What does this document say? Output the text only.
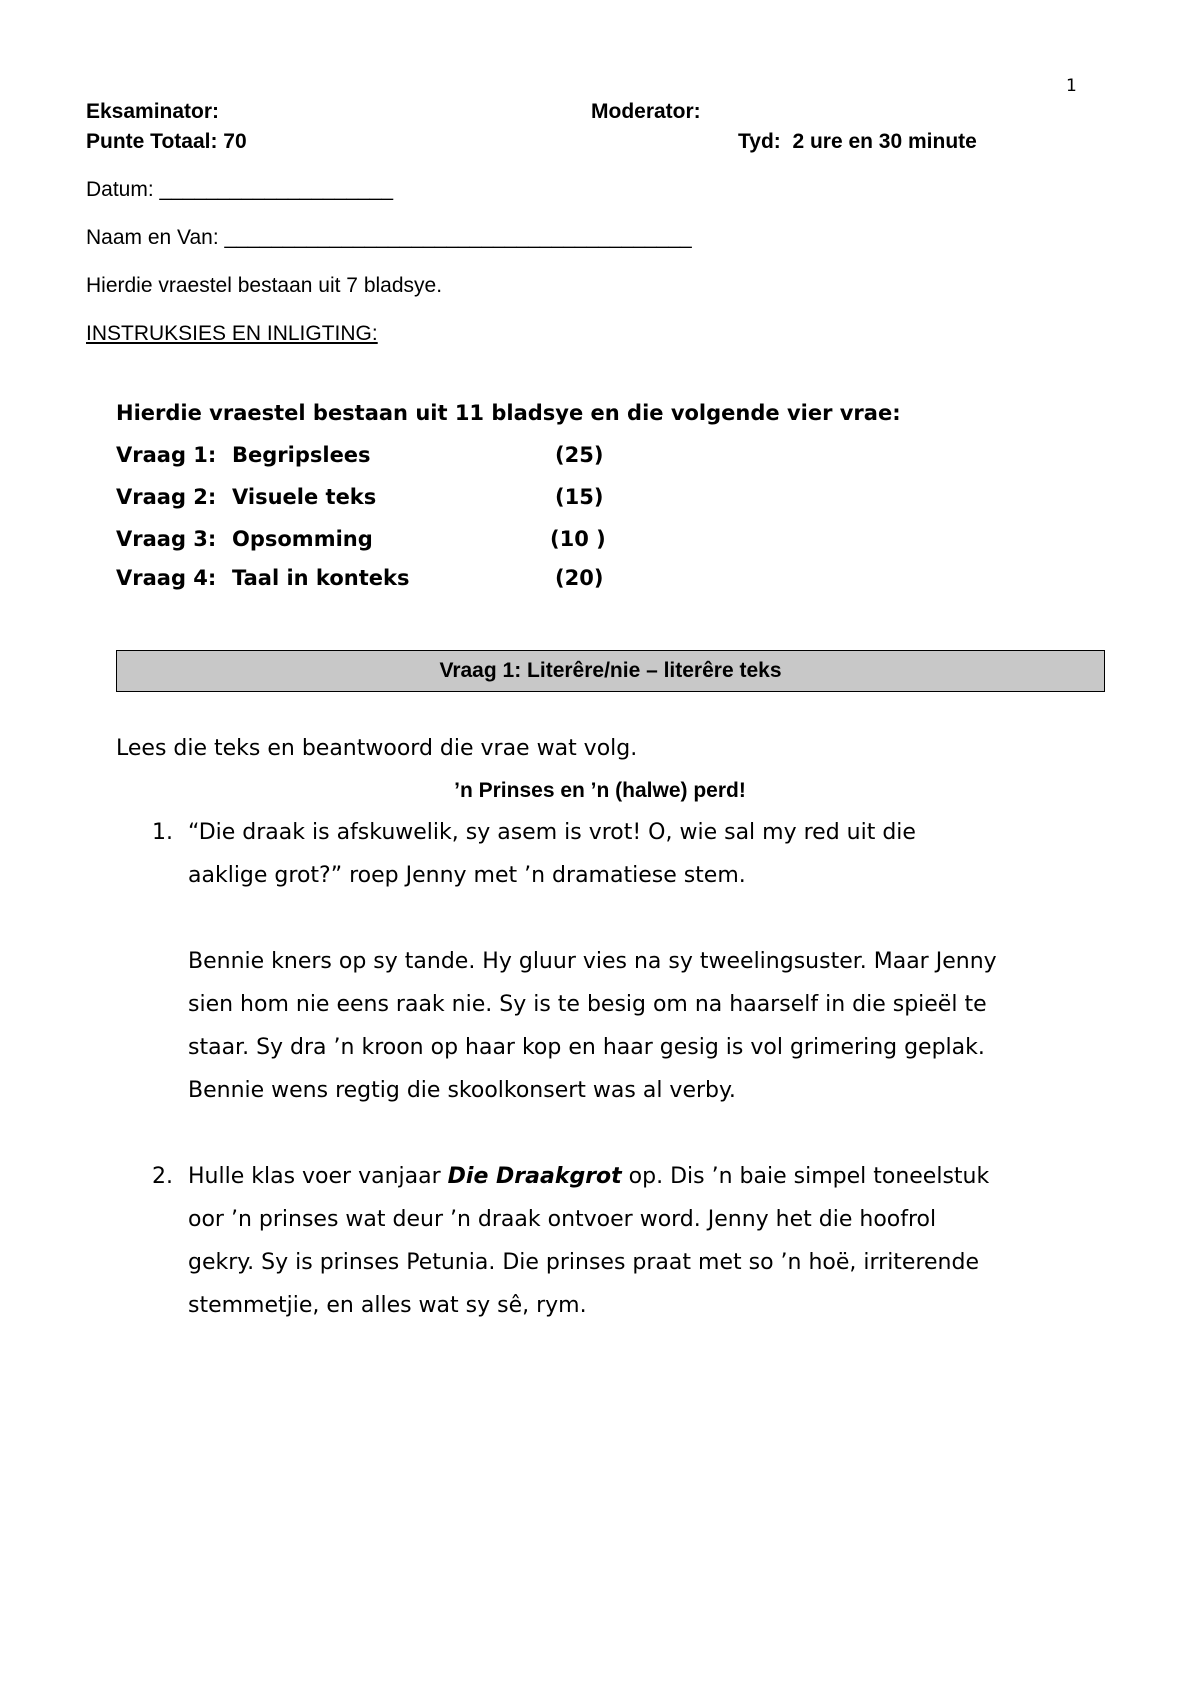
1
Eksaminator:	Moderator:
Punte Totaal: 70	Tyd:  2 ure en 30 minute
Datum: ____________________
Naam en Van: ________________________________________
Hierdie vraestel bestaan uit 7 bladsye.
INSTRUKSIES EN INLIGTING:
Hierdie vraestel bestaan uit 11 bladsye en die volgende vier vrae:
Vraag 1: Begripslees	(25)
Vraag 2: Visuele teks	(15)
Vraag 3: Opsomming	(10 )
Vraag 4: Taal in konteks	(20)
Vraag 1: Literêre/nie – literêre teks
Lees die teks en beantwoord die vrae wat volg.
’n Prinses en ’n (halwe) perd!
1. “Die draak is afskuwelik, sy asem is vrot! O, wie sal my red uit die
aaklige grot?” roep Jenny met ’n dramatiese stem.
Bennie kners op sy tande. Hy gluur vies na sy tweelingsuster. Maar Jenny
sien hom nie eens raak nie. Sy is te besig om na haarself in die spieël te
staar. Sy dra ’n kroon op haar kop en haar gesig is vol grimering geplak.
Bennie wens regtig die skoolkonsert was al verby.
2. Hulle klas voer vanjaar Die Draakgrot op. Dis ’n baie simpel toneelstuk
oor ’n prinses wat deur ’n draak ontvoer word. Jenny het die hoofrol
gekry. Sy is prinses Petunia. Die prinses praat met so ’n hoë, irriterende
stemmetjie, en alles wat sy sê, rym.
